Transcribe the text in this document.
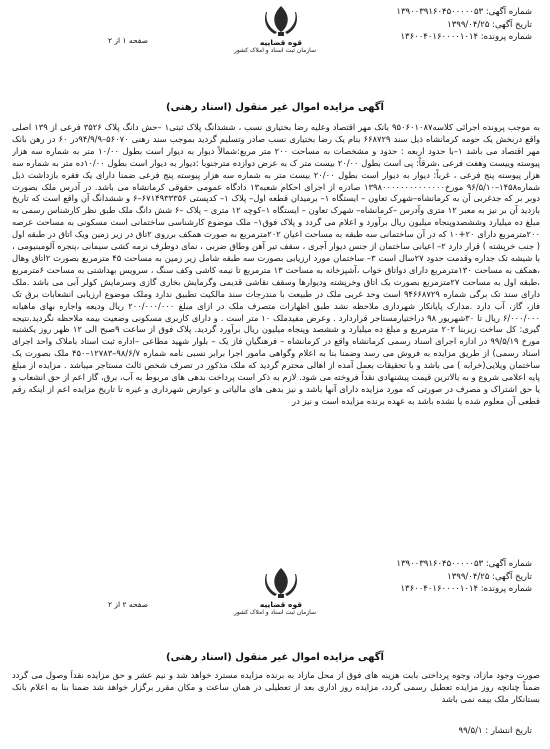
شماره آگهی: ۱۳۹۰۰۳۹۱۶۰۴۵۰۰۰۰۰۵۳
تاریخ آگهی: ۱۳۹۹/۰۴/۲۵
شماره پرونده: ۱۳۶۰۰۴۰۱۶۰۰۰۰۱۰۱۴
قوه قضاییه
سازمان ثبت اسناد و املاک کشور
صفحه ۱ از ۲
آگهی مزایده اموال غیر منقول (اسناد رهنی)
به موجب پرونده اجرائی کلاسه۹۵۰۶۰۱۰۸۷ بانک مهر اقتصاد وعلیه رضا بختیاری نسب ، ششدانگ پلاک ثبتی۱ –حش دانگ پلاک ۳۵۲۶ فرعی از ۱۳۹ اصلی واقع دربخش یک حومه کرمانشاه ذیل سند ۶۶۸۷۲۹ بنام یک رضا بختیاری نسب صادر وتسلیم گردید بموجب سند رهنی ۵۶۰۷۰–۹۴/۹/۹در ۶۰ در رهن بانک مهر اقتصاد می باشد ۱–با حدود اربعه : حدود و مشخصات به مساحت ۲۰۰ متر مربع:شمالاً دیوار به دیوار است بطول ۱۰/۰۰ متر به شماره سه هزار پیوسته وییست وهفت فرعی ،شرقاً: پی است بطول ۲۰/۰۰ بیست متر ک به عرض دوازده مترجنوبا :دیوار به دیوار است بطول ۱۰/۰۰ده متر به شماره سه هزار پیوسته پنج فرعی ، غرباً: دیوار به دیوار است بطول ۲۰/۰۰ بیست متر به شماره سه هزار پیوسته پنج فرعی ضمنا دارای یک فقره بازداشت ذیل شماره۱۴۵۸–۹۶/۵/۱۰ مورخ۱۳۹۸۰۰۰۰۰۰۰۰۰۰۰۰۰۰ صادره از اجرای احکام شعبه۱۳ دادگاه عمومی حقوقی کرمانشاه می باشد. در آدرس ملک بصورت دوبر بر که جدغربی آن به کرمانشاه–شهرک تعاون – ایستگاه ۱– برمیدان قطعه اول– پلاک ۱– کدپستی ۶۷۱۴۹۳۳۳۵۶–۶ و ششدانگ آن واقع است که تاریخ بازدید آن بر نیز به معبر ۱۲ متری وآدرس –کرمانشاه– شهرک تعاون – ایستگاه ۱–کوچه ۱۲ متری – پلاک –۶ شش دانگ ملک طبق نظر کارشناس رسمی به مبلغ ده میلیارد وششصدوپنجاه میلیون ریال برآورد و اعلام می گردد و پلاک فوق۱– ملک موضوع کارشناسی ساختمانی است مسکونی به مساحت عرصه ۲۰۰مترمربع دارای ۲۰+۱۰ که در آن ساختمانی سه طبقه به مساحت اعیان ۲۰۲مترمربع به صورت همکف برروی ۲تاق در زیر زمین ویک اتاق در طبقه اول ( جنب خرپشته ) قرار دارد ۲– اعیانی ساختمان از جنس دیوار آجری ، سقف تیر آهن وطاق ضربی ، نمای دوطرف نرمه کشی سیمانی ،پنجره آلومینیومی ، با شیشه تک جداره وقدمت حدود ۲۷سال است ۳– ساختمان مورد ارزیابی بصورت سه طبقه شامل زیر زمین به مساحت ۴۵ مترمربع بصورت ۲اتاق وهال ،همکف به مساحت ۱۳۰مترمربع دارای دواتاق خواب ،آشپزخانه به مساحت ۱۳ مترمربع تا نیمه کاشی وکف سنگ ، سرویس بهداشتی به مساحت ۶مترمربع ،طبقه اول به مساحت ۲۷مترمربع بصورت یک اتاق وخرپشته ودیوارها وسقف نقاشی قدیمی وگرمایش بخاری گازی وسرمایش کولر آبی می باشد .ملک دارای سند تک برگی شماره ۹۴۶۶۸۷۲۹ است وحد غربی ملک در طبیعت با مندرجات سند مالکیت تطبیق ندارد وملک موضوع ارزیابی انشعابات برق تک فاز، گاز، آب دارد .مدارک پایانکار شهرداری ملاحظه نشد طبق اظهارات متصرف ملک در ازای مبلغ ۲۰۰/۰۰۰/۰۰۰ ریال ودیعه واجاره بهای ماهیانه ۶/۰۰۰/۰۰۰ ریال تا ۳۰شهریور ۹۸ دراختیارمستاجر قراردارد . وعرض مفیدملک ۱۰ متر است . و دارای کاربری مسکونی وضعیت بیمه ملاحظه نگردید.نتیجه گیری: کل ساخت زیربنا ۲۰۲ مترمربع و مبلغ ده میلیارد و ششصد وپنجاه میلیون ریال برآورد گردید. پلاک فوق از ساعت ۹صبح الی ۱۲ ظهر روز یکشنبه مورخ ۹۹/۵/۱۹ در اداره اجرای اسناد رسمی کرمانشاه واقع در کرمانشاه – فرهنگیان فاز یک – بلوار شهید مطاعی –اداره ثبت اسناد باملاک واحد اجرای اسناد رسمی) از طریق مزایده به فروش می رسد وضمنا بنا به اعلام وگواهی مامور اجرا برابر نسبی نامه شماره ۹۸/۶/۷–۱۲۷۸۳–۴۵۰ ملک بصورت یک ساختمان ویلایی(خرابه ) می باشد و با تحقیقات بعمل آمده از اهالی محترم گردید که ملک مذکور در تصرف شخص ثالث مستاجر میباشد . مزایده از مبلغ پایه اعلامی شروع و به بالاترین قیمت پیشنهادی نقداً فروخته می شود. لازم به ذکر است پرداخت بدهی های مربوط به آب، برق، گاز اعم از حق انشعاب و یا حق اشتراک و مصرف در صورتی که مورد مزایده دارای آنها باشد و نیز بدهی های مالیاتی و عوارض شهرداری و غیره تا تاریخ مزایده اعم از اینکه رقم قطعی آن معلوم شده یا نشده باشد به عهده برنده مزایده است و نیز در
شماره آگهی: ۱۳۹۰۰۳۹۱۶۰۴۵۰۰۰۰۰۵۳
تاریخ آگهی: ۱۳۹۹/۰۴/۲۵
شماره پرونده: ۱۳۶۰۰۴۰۱۶۰۰۰۰۱۰۱۴
قوه قضاییه
سازمان ثبت اسناد و املاک کشور
صفحه ۲ از ۲
آگهی مزایده اموال غیر منقول (اسناد رهنی)
صورت وجود مازاد، وجوه پرداختی بابت هزینه های فوق از محل مازاد به برنده مزایده مسترد خواهد شد و نیم عشر و حق مزایده نقداً وصول می گردد ضمناً چنانچه روز مزایده تعطیل رسمی گردد، مزایده روز اداری بعد از تعطیلی در همان ساعت و مکان مقرر برگزار خواهد شد ضمنا بنا به اعلام بانک بستانکار ملک بیمه نمی باشد
تاریخ انتشار : ۹۹/۵/۱
